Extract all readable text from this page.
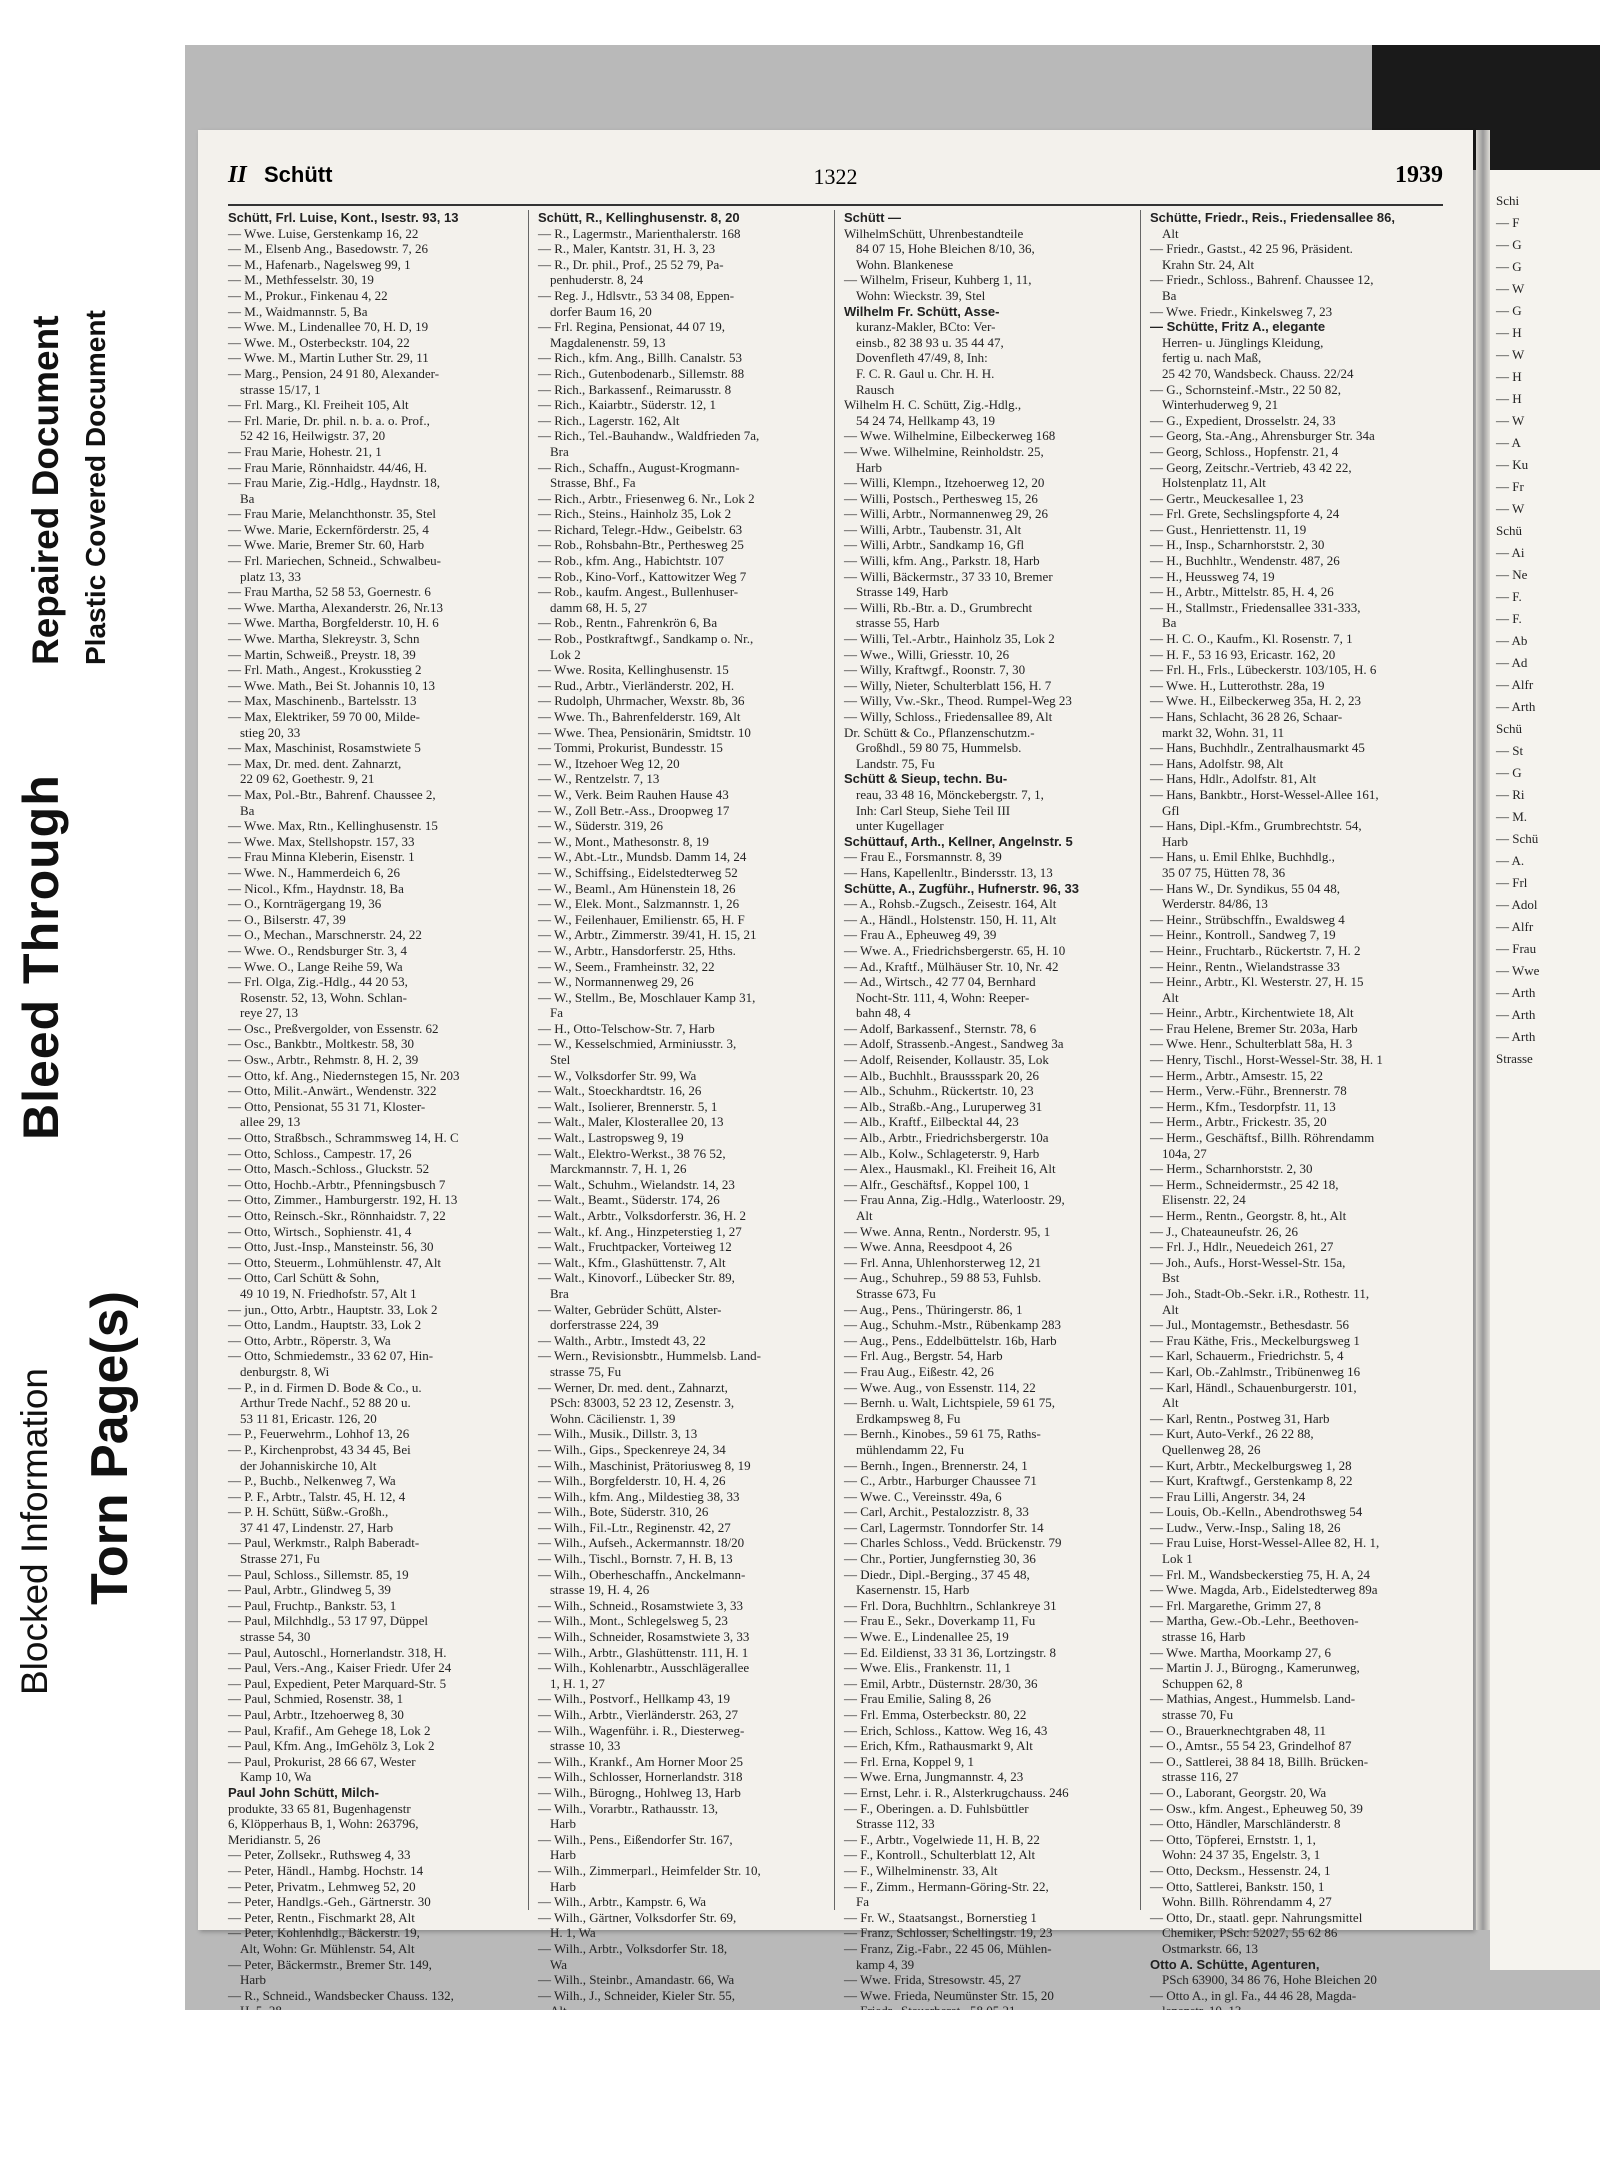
II Schütt	1322	1939
Schütt, Frl. Luise, Kont., Isestr. 93, 13
— Wwe. Luise, Gerstenkamp 16, 22
— M., Elsenb Ang., Basedowstr. 7, 26
— M., Hafenarb., Nagelsweg 99, 1
— M., Methfesselstr. 30, 19
— M., Prokur., Finkenau 4, 22
— M., Waidmannstr. 5, Ba
— Wwe. M., Lindenallee 70, H. D, 19
— Wwe. M., Osterbeckstr. 104, 22
— Wwe. M., Martin Luther Str. 29, 11
— Marg., Pension, 24 91 80, Alexander-
strasse 15/17, 1
— Frl. Marg., Kl. Freiheit 105, Alt
— Frl. Marie, Dr. phil. n. b. a. o. Prof.,
52 42 16, Heilwigstr. 37, 20
— Frau Marie, Hohestr. 21, 1
— Frau Marie, Rönnhaidstr. 44/46, H.
— Frau Marie, Zig.-Hdlg., Haydnstr. 18,
Ba
— Frau Marie, Melanchthonstr. 35, Stel
— Wwe. Marie, Eckernförderstr. 25, 4
— Wwe. Marie, Bremer Str. 60, Harb
— Frl. Mariechen, Schneid., Schwalbeu-
platz 13, 33
— Frau Martha, 52 58 53, Goernestr. 6
— Wwe. Martha, Alexanderstr. 26, Nr.13
— Wwe. Martha, Borgfelderstr. 10, H. 6
— Wwe. Martha, Slekreystr. 3, Schn
— Martin, Schweiß., Preystr. 18, 39
— Frl. Math., Angest., Krokusstieg 2
— Wwe. Math., Bei St. Johannis 10, 13
— Max, Maschinenb., Bartelsstr. 13
— Max, Elektriker, 59 70 00, Milde-
stieg 20, 33
— Max, Maschinist, Rosamstwiete 5
— Max, Dr. med. dent. Zahnarzt,
22 09 62, Goethestr. 9, 21
— Max, Pol.-Btr., Bahrenf. Chaussee 2,
Ba
— Wwe. Max, Rtn., Kellinghusenstr. 15
— Wwe. Max, Stellshopstr. 157, 33
— Frau Minna Kleberin, Eisenstr. 1
— Wwe. N., Hammerdeich 6, 26
— Nicol., Kfm., Haydnstr. 18, Ba
— O., Kornträgergang 19, 36
— O., Bilserstr. 47, 39
— O., Mechan., Marschnerstr. 24, 22
— Wwe. O., Rendsburger Str. 3, 4
— Wwe. O., Lange Reihe 59, Wa
— Frl. Olga, Zig.-Hdlg., 44 20 53,
Rosenstr. 52, 13, Wohn. Schlan-
reye 27, 13
— Osc., Preßvergolder, von Essenstr. 62
— Osc., Bankbtr., Moltkestr. 58, 30
— Osw., Arbtr., Rehmstr. 8, H. 2, 39
— Otto, kf. Ang., Niedernstegen 15, Nr. 203
— Otto, Milit.-Anwärt., Wendenstr. 322
— Otto, Pensionat, 55 31 71, Kloster-
allee 29, 13
— Otto, Straßbsch., Schrammsweg 14, H. C
— Otto, Schloss., Campestr. 17, 26
— Otto, Masch.-Schloss., Gluckstr. 52
— Otto, Hochb.-Arbtr., Pfenningsbusch 7
— Otto, Zimmer., Hamburgerstr. 192, H. 13
— Otto, Reinsch.-Skr., Rönnhaidstr. 7, 22
— Otto, Wirtsch., Sophienstr. 41, 4
— Otto, Just.-Insp., Mansteinstr. 56, 30
— Otto, Steuerm., Lohmühlenstr. 47, Alt
— Otto, Carl Schütt & Sohn,
49 10 19, N. Friedhofstr. 57, Alt 1
— jun., Otto, Arbtr., Hauptstr. 33, Lok 2
— Otto, Landm., Hauptstr. 33, Lok 2
— Otto, Arbtr., Röperstr. 3, Wa
— Otto, Schmiedemstr., 33 62 07, Hin-
denburgstr. 8, Wi
— P., in d. Firmen D. Bode & Co., u.
Arthur Trede Nachf., 52 88 20 u.
53 11 81, Ericastr. 126, 20
— P., Feuerwehrm., Lohhof 13, 26
— P., Kirchenprobst, 43 34 45, Bei
der Johanniskirche 10, Alt
— P., Buchb., Nelkenweg 7, Wa
— P. F., Arbtr., Talstr. 45, H. 12, 4
— P. H. Schütt, Süßw.-Großh.,
37 41 47, Lindenstr. 27, Harb
— Paul, Werkmstr., Ralph Baberadt-
Strasse 271, Fu
— Paul, Schloss., Sillemstr. 85, 19
— Paul, Arbtr., Glindweg 5, 39
— Paul, Fruchtp., Bankstr. 53, 1
— Paul, Milchhdlg., 53 17 97, Düppel
strasse 54, 30
— Paul, Autoschl., Hornerlandstr. 318, H.
— Paul, Vers.-Ang., Kaiser Friedr. Ufer 24
— Paul, Expedient, Peter Marquard-Str. 5
— Paul, Schmied, Rosenstr. 38, 1
— Paul, Arbtr., Itzehoerweg 8, 30
— Paul, Krafif., Am Gehege 18, Lok 2
— Paul, Kfm. Ang., ImGehölz 3, Lok 2
— Paul, Prokurist, 28 66 67, Wester
Kamp 10, Wa
Paul John Schütt, Milch-
produkte, 33 65 81, Bugenhagenstr
6, Klöpperhaus B, 1, Wohn: 263796,
Meridianstr. 5, 26
— Peter, Zollsekr., Ruthsweg 4, 33
— Peter, Händl., Hambg. Hochstr. 14
— Peter, Privatm., Lehmweg 52, 20
— Peter, Handlgs.-Geh., Gärtnerstr. 30
— Peter, Rentn., Fischmarkt 28, Alt
— Peter, Kohlenhdlg., Bäckerstr. 19,
Alt, Wohn: Gr. Mühlenstr. 54, Alt
— Peter, Bäckermstr., Bremer Str. 149,
Harb
— R., Schneid., Wandsbecker Chauss. 132,
Schütt, R., Kellinghusenstr. 8, 20
— R., Lagermstr., Marienthalerstr. 168
— R., Maler, Kantstr. 31, H. 3, 23
— R., Dr. phil., Prof., 25 52 79, Pa-
penhuderstr. 8, 24
— Reg. J., Hdlsvtr., 53 34 08, Eppen-
dorfer Baum 16, 20
— Frl. Regina, Pensionat, 44 07 19,
Magdalenenstr. 59, 13
— Rich., kfm. Ang., Billh. Canalstr. 53
— Rich., Gutenbodenarb., Sillemstr. 88
— Rich., Barkassenf., Reimarusstr. 8
— Rich., Kaiarbtr., Süderstr. 12, 1
— Rich., Lagerstr. 162, Alt
— Rich., Tel.-Bauhandw., Waldfrieden 7a,
Bra
— Rich., Schaffn., August-Krogmann-
Strasse, Bhf., Fa
— Rich., Arbtr., Friesenweg 6. Nr., Lok 2
— Rich., Steins., Hainholz 35, Lok 2
— Richard, Telegr.-Hdw., Geibelstr. 63
— Rob., Rohsbahn-Btr., Perthesweg 25
— Rob., kfm. Ang., Habichtstr. 107
— Rob., Kino-Vorf., Kattowitzer Weg 7
— Rob., kaufm. Angest., Bullenhuser-
damm 68, H. 5, 27
— Rob., Rentn., Fahrenkrön 6, Ba
— Rob., Postkraftwgf., Sandkamp o. Nr.,
Lok 2
— Wwe. Rosita, Kellinghusenstr. 15
— Rud., Arbtr., Vierländerstr. 202, H.
— Rudolph, Uhrmacher, Wexstr. 8b, 36
— Wwe. Th., Bahrenfelderstr. 169, Alt
— Wwe. Thea, Pensionärin, Smidtstr. 10
— Tommi, Prokurist, Bundesstr. 15
— W., Itzehoer Weg 12, 20
— W., Rentzelstr. 7, 13
— W., Verk. Beim Rauhen Hause 43
— W., Zoll Betr.-Ass., Droopweg 17
— W., Süderstr. 319, 26
— W., Mont., Mathesonstr. 8, 19
— W., Abt.-Ltr., Mundsb. Damm 14, 24
— W., Schiffsing., Eidelstedterweg 52
— W., Beaml., Am Hünenstein 18, 26
— W., Elek. Mont., Salzmannstr. 1, 26
— W., Feilenhauer, Emilienstr. 65, H. F
— W., Arbtr., Zimmerstr. 39/41, H. 15, 21
— W., Arbtr., Hansdorferstr. 25, Hths.
— W., Seem., Framheinstr. 32, 22
— W., Normannenweg 29, 26
— W., Stellm., Be, Moschlauer Kamp 31,
Fa
— H., Otto-Telschow-Str. 7, Harb
— W., Kesselschmied, Arminiusstr. 3,
Stel
— W., Volksdorfer Str. 99, Wa
— Walt., Stoeckhardtstr. 16, 26
— Walt., Isolierer, Brennerstr. 5, 1
— Walt., Maler, Klosterallee 20, 13
— Walt., Lastropsweg 9, 19
— Walt., Elektro-Werkst., 38 76 52,
Marckmannstr. 7, H. 1, 26
— Walt., Schuhm., Wielandstr. 14, 23
— Walt., Beamt., Süderstr. 174, 26
— Walt., Arbtr., Volksdorferstr. 36, H. 2
— Walt., kf. Ang., Hinzpeterstieg 1, 27
— Walt., Fruchtpacker, Vorteiweg 12
— Walt., Kfm., Glashüttenstr. 7, Alt
— Walt., Kinovorf., Lübecker Str. 89,
Bra
— Walter, Gebrüder Schütt, Alster-
dorferstrasse 224, 39
— Walth., Arbtr., Imstedt 43, 22
— Wern., Revisionsbtr., Hummelsb. Land-
strasse 75, Fu
— Werner, Dr. med. dent., Zahnarzt,
PSch: 83003, 52 23 12, Zesenstr. 3,
Wohn. Cäcilienstr. 1, 39
— Wilh., Musik., Dillstr. 3, 13
— Wilh., Gips., Speckenreye 24, 34
— Wilh., Maschinist, Prätoriusweg 8, 19
— Wilh., Borgfelderstr. 10, H. 4, 26
— Wilh., kfm. Ang., Mildestieg 38, 33
— Wilh., Bote, Süderstr. 310, 26
— Wilh., Fil.-Ltr., Reginenstr. 42, 27
— Wilh., Aufseh., Ackermannstr. 18/20
— Wilh., Tischl., Bornstr. 7, H. B, 13
— Wilh., Oberheschaffn., Anckelmann-
strasse 19, H. 4, 26
— Wilh., Schneid., Rosamstwiete 3, 33
— Wilh., Mont., Schlegelsweg 5, 23
— Wilh., Schneider, Rosamstwiete 3, 33
— Wilh., Arbtr., Glashüttenstr. 111, H. 1
— Wilh., Kohlenarbtr., Ausschlägerallee
1, H. 1, 27
— Wilh., Postvorf., Hellkamp 43, 19
— Wilh., Arbtr., Vierländerstr. 263, 27
— Wilh., Wagenführ. i. R., Diesterweg-
strasse 10, 33
— Wilh., Krankf., Am Horner Moor 25
— Wilh., Schlosser, Hornerlandstr. 318
— Wilh., Bürogng., Hohlweg 13, Harb
— Wilh., Vorarbtr., Rathausstr. 13,
Harb
— Wilh., Pens., Eißendorfer Str. 167,
Harb
— Wilh., Zimmerparl., Heimfelder Str. 10,
Harb
— Wilh., Arbtr., Kampstr. 6, Wa
— Wilh., Gärtner, Volksdorfer Str. 69,
H. 1, Wa
— Wilh., Arbtr., Volksdorfer Str. 18,
Wa
— Wilh., Steinbr., Amandastr. 66, Wa
— Wilh., J., Schneider, Kieler Str. 55,
Schütt —
WilhelmSchütt, Uhrenbestandteile
84 07 15, Hohe Bleichen 8/10, 36,
Wohn. Blankenese
— Wilhelm, Friseur, Kuhberg 1, 11,
Wohn: Wieckstr. 39, Stel
Wilhelm Fr. Schütt, Asse-
kuranz-Makler, BCto: Ver-
einsb., 82 38 93 u. 35 44 47,
Dovenfleth 47/49, 8, Inh:
F. C. R. Gaul u. Chr. H. H.
Rausch
Wilhelm H. C. Schütt, Zig.-Hdlg.,
54 24 74, Hellkamp 43, 19
— Wwe. Wilhelmine, Eilbeckerweg 168
— Wwe. Wilhelmine, Reinholdstr. 25,
Harb
— Willi, Klempn., Itzehoerweg 12, 20
— Willi, Postsch., Perthesweg 15, 26
— Willi, Arbtr., Normannenweg 29, 26
— Willi, Arbtr., Taubenstr. 31, Alt
— Willi, Arbtr., Sandkamp 16, Gfl
— Willi, kfm. Ang., Parkstr. 18, Harb
— Willi, Bäckermstr., 37 33 10, Bremer
Strasse 149, Harb
— Willi, Rb.-Btr. a. D., Grumbrecht
strasse 55, Harb
— Willi, Tel.-Arbtr., Hainholz 35, Lok 2
— Wwe., Willi, Griesstr. 10, 26
— Willy, Kraftwgf., Roonstr. 7, 30
— Willy, Nieter, Schulterblatt 156, H. 7
— Willy, Vw.-Skr., Theod. Rumpel-Weg 23
— Willy, Schloss., Friedensallee 89, Alt
Dr. Schütt & Co., Pflanzenschutzm.-
Großhdl., 59 80 75, Hummelsb.
Landstr. 75, Fu
Schütt & Sieup, techn. Bu-
reau, 33 48 16, Mönckebergstr. 7, 1,
Inh: Carl Steup, Siehe Teil III
unter Kugellager
Schüttauf, Arth., Kellner, Angelnstr. 5
— Frau E., Forsmannstr. 8, 39
— Hans, Kapellenltr., Bindersstr. 13, 13
Schütte, A., Zugführ., Hufnerstr. 96, 33
— A., Rohsb.-Zugsch., Zeisestr. 164, Alt
— A., Händl., Holstenstr. 150, H. 11, Alt
— Frau A., Epheuweg 49, 39
— Wwe. A., Friedrichsbergerstr. 65, H. 10
— Ad., Kraftf., Mülhäuser Str. 10, Nr. 42
— Ad., Wirtsch., 42 77 04, Bernhard
Nocht-Str. 111, 4, Wohn: Reeper-
bahn 48, 4
— Adolf, Barkassenf., Sternstr. 78, 6
— Adolf, Strassenb.-Angest., Sandweg 3a
— Adolf, Reisender, Kollaustr. 35, Lok
— Alb., Buchhlt., Braussspark 20, 26
— Alb., Schuhm., Rückertstr. 10, 23
— Alb., Straßb.-Ang., Luruperweg 31
— Alb., Kraftf., Eilbecktal 44, 23
— Alb., Arbtr., Friedrichsbergerstr. 10a
— Alb., Kolw., Schlageterstr. 9, Harb
— Alex., Hausmakl., Kl. Freiheit 16, Alt
— Alfr., Geschäftsf., Koppel 100, 1
— Frau Anna, Zig.-Hdlg., Waterloostr. 29,
Alt
— Wwe. Anna, Rentn., Norderstr. 95, 1
— Wwe. Anna, Reesdpoot 4, 26
— Frl. Anna, Uhlenhorsterweg 12, 21
— Aug., Schuhrep., 59 88 53, Fuhlsb.
Strasse 673, Fu
— Aug., Pens., Thüringerstr. 86, 1
— Aug., Schuhm.-Mstr., Rübenkamp 283
— Aug., Pens., Eddelbüttelstr. 16b, Harb
— Frl. Aug., Bergstr. 54, Harb
— Frau Aug., Eißestr. 42, 26
— Wwe. Aug., von Essenstr. 114, 22
— Bernh. u. Walt, Lichtspiele, 59 61 75,
Erdkampsweg 8, Fu
— Bernh., Kinobes., 59 61 75, Raths-
mühlendamm 22, Fu
— Bernh., Ingen., Brennerstr. 24, 1
— C., Arbtr., Harburger Chaussee 71
— Wwe. C., Vereinsstr. 49a, 6
— Carl, Archit., Pestalozzistr. 8, 33
— Carl, Lagermstr. Tonndorfer Str. 14
— Charles Schloss., Vedd. Brückenstr. 79
— Chr., Portier, Jungfernstieg 30, 36
— Diedr., Dipl.-Berging., 37 45 48,
Kasernenstr. 15, Harb
— Frl. Dora, Buchhltrn., Schlankreye 31
— Frau E., Sekr., Doverkamp 11, Fu
— Wwe. E., Lindenallee 25, 19
— Ed. Eildienst, 33 31 36, Lortzingstr. 8
— Wwe. Elis., Frankenstr. 11, 1
— Emil, Arbtr., Düsternstr. 28/30, 36
— Frau Emilie, Saling 8, 26
— Frl. Emma, Osterbeckstr. 80, 22
— Erich, Schloss., Kattow. Weg 16, 43
— Erich, Kfm., Rathausmarkt 9, Alt
— Frl. Erna, Koppel 9, 1
— Wwe. Erna, Jungmannstr. 4, 23
— Ernst, Lehr. i. R., Alsterkrugchauss. 246
— F., Oberingen. a. D. Fuhlsbüttler
Strasse 112, 33
— F., Arbtr., Vogelwiede 11, H. B, 22
— F., Kontroll., Schulterblatt 12, Alt
— F., Wilhelminenstr. 33, Alt
— F., Zimm., Hermann-Göring-Str. 22,
Fa
— Fr. W., Staatsangst., Bornerstieg 1
— Franz, Schlosser, Schellingstr. 19, 23
— Franz, Zig.-Fabr., 22 45 06, Mühlen-
kamp 4, 39
— Wwe. Frida, Stresowstr. 45, 27
— Wwe. Frieda, Neumünster Str. 15, 20
Schütte, Friedr., Reis., Friedensallee 86,
Alt
— Friedr., Gastst., 42 25 96, Präsident.
Krahn Str. 24, Alt
— Friedr., Schloss., Bahrenf. Chaussee 12,
Ba
— Wwe. Friedr., Kinkelsweg 7, 23
— Schütte, Fritz A., elegante
Herren- u. Jünglings Kleidung,
fertig u. nach Maß,
25 42 70, Wandsbeck. Chauss. 22/24
— G., Schornsteinf.-Mstr., 22 50 82,
Winterhuderweg 9, 21
— G., Expedient, Drosselstr. 24, 33
— Georg, Sta.-Ang., Ahrensburger Str. 34a
— Georg, Schloss., Hopfenstr. 21, 4
— Georg, Zeitschr.-Vertrieb, 43 42 22,
Holstenplatz 11, Alt
— Gertr., Meuckesallee 1, 23
— Frl. Grete, Sechslingspforte 4, 24
— Gust., Henriettenstr. 11, 19
— H., Insp., Scharnhorststr. 2, 30
— H., Buchhltr., Wendenstr. 487, 26
— H., Heussweg 74, 19
— H., Arbtr., Mittelstr. 85, H. 4, 26
— H., Stallmstr., Friedensallee 331-333,
Ba
— H. C. O., Kaufm., Kl. Rosenstr. 7, 1
— H. F., 53 16 93, Ericastr. 162, 20
— Frl. H., Frls., Lübeckerstr. 103/105, H. 6
— Wwe. H., Lutterothstr. 28a, 19
— Wwe. H., Eilbeckerweg 35a, H. 2, 23
— Hans, Schlacht, 36 28 26, Schaar-
markt 32, Wohn. 31, 11
— Hans, Buchhdlr., Zentralhausmarkt 45
— Hans, Adolfstr. 98, Alt
— Hans, Hdlr., Adolfstr. 81, Alt
— Hans, Bankbtr., Horst-Wessel-Allee 161,
Gfl
— Hans, Dipl.-Kfm., Grumbrechtstr. 54,
Harb
— Hans, u. Emil Ehlke, Buchhdlg.,
35 07 75, Hütten 78, 36
— Hans W., Dr. Syndikus, 55 04 48,
Werderstr. 84/86, 13
— Heinr., Strübschffn., Ewaldsweg 4
— Heinr., Kontroll., Sandweg 7, 19
— Heinr., Fruchtarb., Rückertstr. 7, H. 2
— Heinr., Rentn., Wielandstrasse 33
— Heinr., Arbtr., Kl. Westerstr. 27, H. 15
Alt
— Heinr., Arbtr., Kirchentwiete 18, Alt
— Frau Helene, Bremer Str. 203a, Harb
— Wwe. Henr., Schulterblatt 58a, H. 3
— Henry, Tischl., Horst-Wessel-Str. 38, H. 1
— Herm., Arbtr., Amsestr. 15, 22
— Herm., Verw.-Führ., Brennerstr. 78
— Herm., Kfm., Tesdorpfstr. 11, 13
— Herm., Arbtr., Frickestr. 35, 20
— Herm., Geschäftsf., Billh. Röhrendamm
104a, 27
— Herm., Scharnhorststr. 2, 30
— Herm., Schneidermstr., 25 42 18,
Elisenstr. 22, 24
— Herm., Rentn., Georgstr. 8, ht., Alt
— J., Chateauneufstr. 26, 26
— Frl. J., Hdlr., Neuedeich 261, 27
— Joh., Aufs., Horst-Wessel-Str. 15a,
Bst
— Joh., Stadt-Ob.-Sekr. i.R., Rothestr. 11,
Alt
— Jul., Montagemstr., Bethesdastr. 56
— Frau Käthe, Fris., Meckelburgsweg 1
— Karl, Schauerm., Friedrichstr. 5, 4
— Karl, Ob.-Zahlmstr., Tribünenweg 16
— Karl, Händl., Schauenburgerstr. 101,
Alt
— Karl, Rentn., Postweg 31, Harb
— Kurt, Auto-Verkf., 26 22 88,
Quellenweg 28, 26
— Kurt, Arbtr., Meckelburgsweg 1, 28
— Kurt, Kraftwgf., Gerstenkamp 8, 22
— Frau Lilli, Angerstr. 34, 24
— Louis, Ob.-Kelln., Abendrothsweg 54
— Ludw., Verw.-Insp., Saling 18, 26
— Frau Luise, Horst-Wessel-Allee 82, H. 1,
Lok 1
— Frl. M., Wandsbeckerstieg 75, H. A, 24
— Wwe. Magda, Arb., Eidelstedterweg 89a
— Frl. Margarethe, Grimm 27, 8
— Martha, Gew.-Ob.-Lehr., Beethoven-
strasse 16, Harb
— Wwe. Martha, Moorkamp 27, 6
— Martin J. J., Bürogng., Kamerunweg,
Schuppen 62, 8
— Mathias, Angest., Hummelsb. Land-
strasse 70, Fu
— O., Brauerknechtgraben 48, 11
— O., Amtsr., 55 54 23, Grindelhof 87
— O., Sattlerei, 38 84 18, Billh. Brücken-
strasse 116, 27
— O., Laborant, Georgstr. 20, Wa
— Osw., kfm. Angest., Epheuweg 50, 39
— Otto, Händler, Marschländerstr. 8
— Otto, Töpferei, Ernststr. 1, 1,
Wohn: 24 37 35, Engelstr. 3, 1
— Otto, Decksm., Hessenstr. 24, 1
— Otto, Sattlerei, Bankstr. 150, 1
Wohn. Billh. Röhrendamm 4, 27
— Otto, Dr., staatl. gepr. Nahrungsmittel
Chemiker, PSch: 52027, 55 62 86
Ostmarkstr. 66, 13
Otto A. Schütte, Agenturen,
PSch 63900, 34 86 76, Hohe Bleichen 20
— Otto A., in gl. Fa., 44 46 28, Magda-
Schi
— F
— G
— G
— W
— G
— H
— W
— H
— H
— W
— A
— Ku
— Fr
— W
Schü
— Ai
— Ne
— F.
— F.
— Ab
— Ad
— Alfr
— Arth
Schü
— St
— G
— Ri
— M.
— Schü
— A.
— Frl
— Adol
— Alfr
— Frau
— Wwe
— Arth
— Arth
— Arth
Strasse
Blocked Information Torn Page(s)
Bleed Through
Repaired Document Plastic Covered Document
